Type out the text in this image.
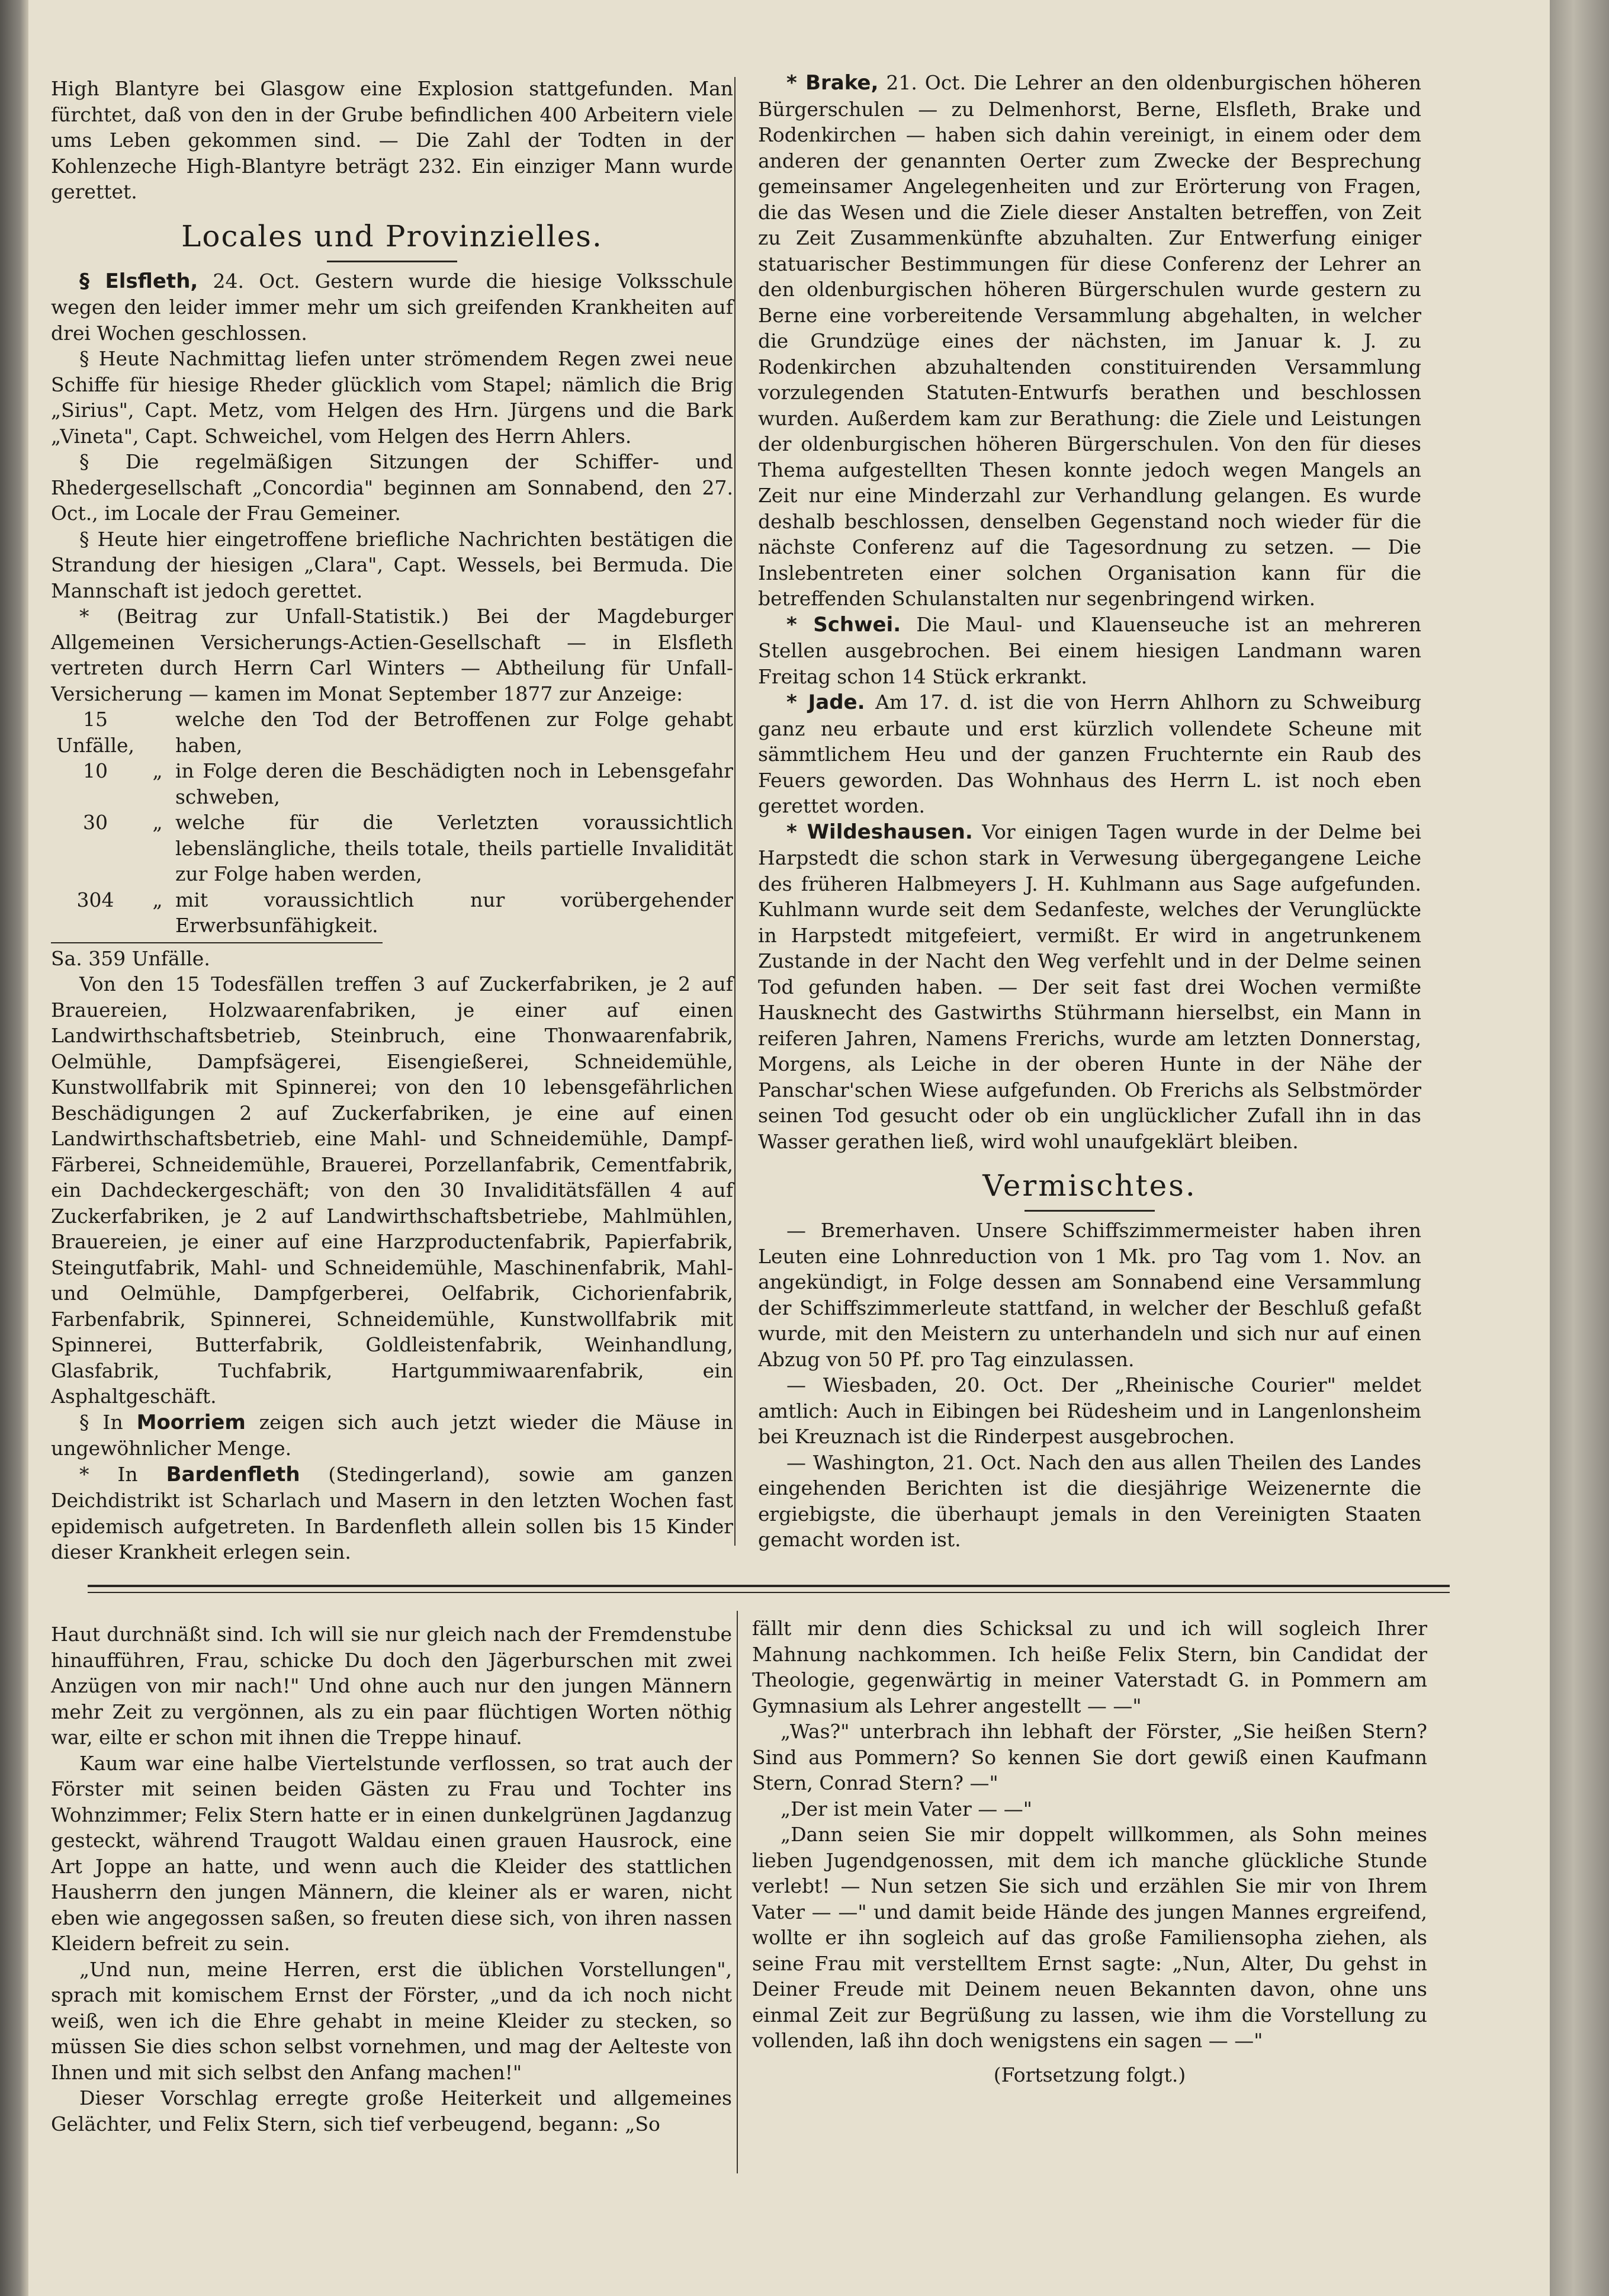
High Blantyre bei Glasgow eine Explosion stattgefunden. Man fürchtet, daß von den in der Grube befindlichen 400 Arbeitern viele ums Leben gekommen sind. — Die Zahl der Todten in der Kohlenzeche High-Blantyre beträgt 232. Ein einziger Mann wurde gerettet.

Locales und Provinzielles.

§ Elsfleth, 24. Oct. Gestern wurde die hiesige Volksschule wegen den leider immer mehr um sich greifenden Krankheiten auf drei Wochen geschlossen.

§ Heute Nachmittag liefen unter strömendem Regen zwei neue Schiffe für hiesige Rheder glücklich vom Stapel; nämlich die Brig „Sirius", Capt. Metz, vom Helgen des Hrn. Jürgens und die Bark „Vineta", Capt. Schweichel, vom Helgen des Herrn Ahlers.

§ Die regelmäßigen Sitzungen der Schiffer- und Rhedergesellschaft „Concordia" beginnen am Sonnabend, den 27. Oct., im Locale der Frau Gemeiner.

§ Heute hier eingetroffene briefliche Nachrichten bestätigen die Strandung der hiesigen „Clara", Capt. Wessels, bei Bermuda. Die Mannschaft ist jedoch gerettet.

* (Beitrag zur Unfall-Statistik.) Bei der Magdeburger Allgemeinen Versicherungs-Actien-Gesellschaft — in Elsfleth vertreten durch Herrn Carl Winters — Abtheilung für Unfall-Versicherung — kamen im Monat September 1877 zur Anzeige:

15 Unfälle,		welche den Tod der Betroffenen zur Folge gehabt haben,
10	„	in Folge deren die Beschädigten noch in Lebensgefahr schweben,
30	„	welche für die Verletzten voraussichtlich lebenslängliche, theils totale, theils partielle Invalidität zur Folge haben werden,
304	„	mit voraussichtlich nur vorübergehender Erwerbsunfähigkeit.

Sa. 359 Unfälle.

Von den 15 Todesfällen treffen 3 auf Zuckerfabriken, je 2 auf Brauereien, Holzwaarenfabriken, je einer auf einen Landwirthschaftsbetrieb, Steinbruch, eine Thonwaarenfabrik, Oelmühle, Dampfsägerei, Eisengießerei, Schneidemühle, Kunstwollfabrik mit Spinnerei; von den 10 lebensgefährlichen Beschädigungen 2 auf Zuckerfabriken, je eine auf einen Landwirthschaftsbetrieb, eine Mahl- und Schneidemühle, Dampf-Färberei, Schneidemühle, Brauerei, Porzellanfabrik, Cementfabrik, ein Dachdeckergeschäft; von den 30 Invaliditätsfällen 4 auf Zuckerfabriken, je 2 auf Landwirthschaftsbetriebe, Mahlmühlen, Brauereien, je einer auf eine Harzproductenfabrik, Papierfabrik, Steingutfabrik, Mahl- und Schneidemühle, Maschinenfabrik, Mahl- und Oelmühle, Dampfgerberei, Oelfabrik, Cichorienfabrik, Farbenfabrik, Spinnerei, Schneidemühle, Kunstwollfabrik mit Spinnerei, Butterfabrik, Goldleistenfabrik, Weinhandlung, Glasfabrik, Tuchfabrik, Hartgummiwaarenfabrik, ein Asphaltgeschäft.

§ In Moorriem zeigen sich auch jetzt wieder die Mäuse in ungewöhnlicher Menge.

* In Bardenfleth (Stedingerland), sowie am ganzen Deichdistrikt ist Scharlach und Masern in den letzten Wochen fast epidemisch aufgetreten. In Bardenfleth allein sollen bis 15 Kinder dieser Krankheit erlegen sein.

* Brake, 21. Oct. Die Lehrer an den oldenburgischen höheren Bürgerschulen — zu Delmenhorst, Berne, Elsfleth, Brake und Rodenkirchen — haben sich dahin vereinigt, in einem oder dem anderen der genannten Oerter zum Zwecke der Besprechung gemeinsamer Angelegenheiten und zur Erörterung von Fragen, die das Wesen und die Ziele dieser Anstalten betreffen, von Zeit zu Zeit Zusammenkünfte abzuhalten. Zur Entwerfung einiger statuarischer Bestimmungen für diese Conferenz der Lehrer an den oldenburgischen höheren Bürgerschulen wurde gestern zu Berne eine vorbereitende Versammlung abgehalten, in welcher die Grundzüge eines der nächsten, im Januar k. J. zu Rodenkirchen abzuhaltenden constituirenden Versammlung vorzulegenden Statuten-Entwurfs berathen und beschlossen wurden. Außerdem kam zur Berathung: die Ziele und Leistungen der oldenburgischen höheren Bürgerschulen. Von den für dieses Thema aufgestellten Thesen konnte jedoch wegen Mangels an Zeit nur eine Minderzahl zur Verhandlung gelangen. Es wurde deshalb beschlossen, denselben Gegenstand noch wieder für die nächste Conferenz auf die Tagesordnung zu setzen. — Die Inslebentreten einer solchen Organisation kann für die betreffenden Schulanstalten nur segenbringend wirken.

* Schwei. Die Maul- und Klauenseuche ist an mehreren Stellen ausgebrochen. Bei einem hiesigen Landmann waren Freitag schon 14 Stück erkrankt.

* Jade. Am 17. d. ist die von Herrn Ahlhorn zu Schweiburg ganz neu erbaute und erst kürzlich vollendete Scheune mit sämmtlichem Heu und der ganzen Fruchternte ein Raub des Feuers geworden. Das Wohnhaus des Herrn L. ist noch eben gerettet worden.

* Wildeshausen. Vor einigen Tagen wurde in der Delme bei Harpstedt die schon stark in Verwesung übergegangene Leiche des früheren Halbmeyers J. H. Kuhlmann aus Sage aufgefunden. Kuhlmann wurde seit dem Sedanfeste, welches der Verunglückte in Harpstedt mitgefeiert, vermißt. Er wird in angetrunkenem Zustande in der Nacht den Weg verfehlt und in der Delme seinen Tod gefunden haben. — Der seit fast drei Wochen vermißte Hausknecht des Gastwirths Stührmann hierselbst, ein Mann in reiferen Jahren, Namens Frerichs, wurde am letzten Donnerstag, Morgens, als Leiche in der oberen Hunte in der Nähe der Panschar'schen Wiese aufgefunden. Ob Frerichs als Selbstmörder seinen Tod gesucht oder ob ein unglücklicher Zufall ihn in das Wasser gerathen ließ, wird wohl unaufgeklärt bleiben.

Vermischtes.

— Bremerhaven. Unsere Schiffszimmermeister haben ihren Leuten eine Lohnreduction von 1 Mk. pro Tag vom 1. Nov. an angekündigt, in Folge dessen am Sonnabend eine Versammlung der Schiffszimmerleute stattfand, in welcher der Beschluß gefaßt wurde, mit den Meistern zu unterhandeln und sich nur auf einen Abzug von 50 Pf. pro Tag einzulassen.

— Wiesbaden, 20. Oct. Der „Rheinische Courier" meldet amtlich: Auch in Eibingen bei Rüdesheim und in Langenlonsheim bei Kreuznach ist die Rinderpest ausgebrochen.

— Washington, 21. Oct. Nach den aus allen Theilen des Landes eingehenden Berichten ist die diesjährige Weizenernte die ergiebigste, die überhaupt jemals in den Vereinigten Staaten gemacht worden ist.

Haut durchnäßt sind. Ich will sie nur gleich nach der Fremdenstube hinaufführen, Frau, schicke Du doch den Jägerburschen mit zwei Anzügen von mir nach!" Und ohne auch nur den jungen Männern mehr Zeit zu vergönnen, als zu ein paar flüchtigen Worten nöthig war, eilte er schon mit ihnen die Treppe hinauf.

Kaum war eine halbe Viertelstunde verflossen, so trat auch der Förster mit seinen beiden Gästen zu Frau und Tochter ins Wohnzimmer; Felix Stern hatte er in einen dunkelgrünen Jagdanzug gesteckt, während Traugott Waldau einen grauen Hausrock, eine Art Joppe an hatte, und wenn auch die Kleider des stattlichen Hausherrn den jungen Männern, die kleiner als er waren, nicht eben wie angegossen saßen, so freuten diese sich, von ihren nassen Kleidern befreit zu sein.

„Und nun, meine Herren, erst die üblichen Vorstellungen", sprach mit komischem Ernst der Förster, „und da ich noch nicht weiß, wen ich die Ehre gehabt in meine Kleider zu stecken, so müssen Sie dies schon selbst vornehmen, und mag der Aelteste von Ihnen und mit sich selbst den Anfang machen!"

Dieser Vorschlag erregte große Heiterkeit und allgemeines Gelächter, und Felix Stern, sich tief verbeugend, begann: „So

fällt mir denn dies Schicksal zu und ich will sogleich Ihrer Mahnung nachkommen. Ich heiße Felix Stern, bin Candidat der Theologie, gegenwärtig in meiner Vaterstadt G. in Pommern am Gymnasium als Lehrer angestellt — —"

„Was?" unterbrach ihn lebhaft der Förster, „Sie heißen Stern? Sind aus Pommern? So kennen Sie dort gewiß einen Kaufmann Stern, Conrad Stern? —"

„Der ist mein Vater — —"

„Dann seien Sie mir doppelt willkommen, als Sohn meines lieben Jugendgenossen, mit dem ich manche glückliche Stunde verlebt! — Nun setzen Sie sich und erzählen Sie mir von Ihrem Vater — —" und damit beide Hände des jungen Mannes ergreifend, wollte er ihn sogleich auf das große Familiensopha ziehen, als seine Frau mit verstelltem Ernst sagte: „Nun, Alter, Du gehst in Deiner Freude mit Deinem neuen Bekannten davon, ohne uns einmal Zeit zur Begrüßung zu lassen, wie ihm die Vorstellung zu vollenden, laß ihn doch wenigstens ein sagen — —"

(Fortsetzung folgt.)
